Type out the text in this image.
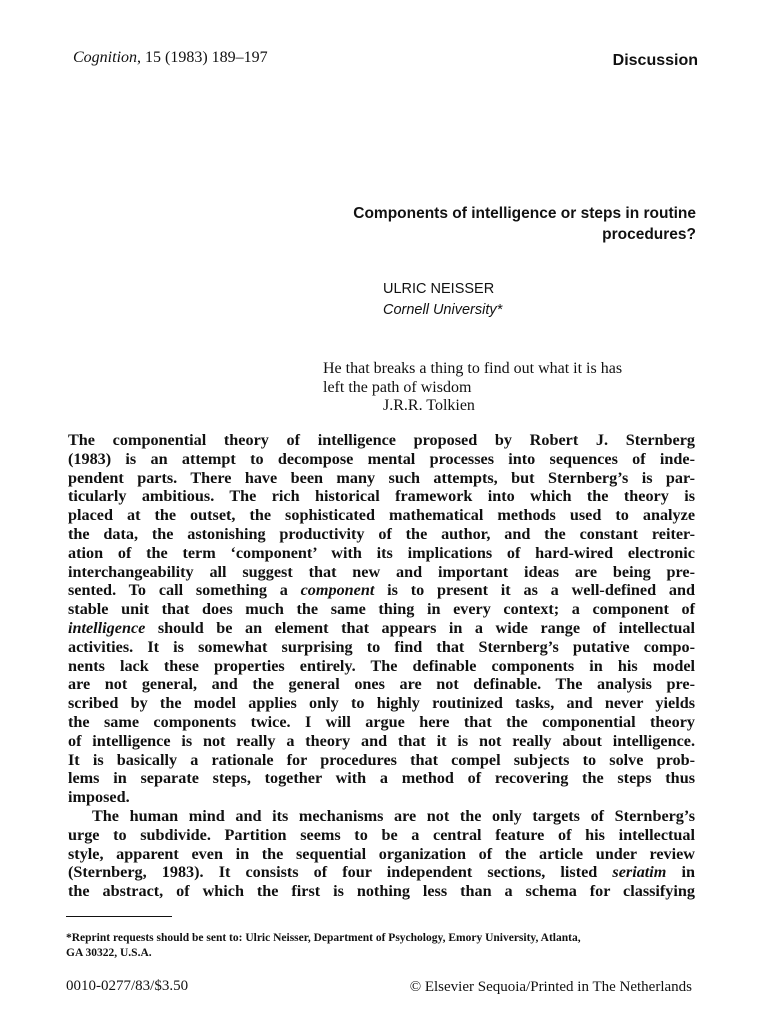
Cognition, 15 (1983) 189–197	Discussion
Components of intelligence or steps in routine
procedures?
ULRIC NEISSER
Cornell University*
He that breaks a thing to find out what it is has
left the path of wisdom
J.R.R. Tolkien
The componential theory of intelligence proposed by Robert J. Sternberg
(1983) is an attempt to decompose mental processes into sequences of inde-
pendent parts. There have been many such attempts, but Sternberg’s is par-
ticularly ambitious. The rich historical framework into which the theory is
placed at the outset, the sophisticated mathematical methods used to analyze
the data, the astonishing productivity of the author, and the constant reiter-
ation of the term ‘component’ with its implications of hard-wired electronic
interchangeability all suggest that new and important ideas are being pre-
sented. To call something a component is to present it as a well-defined and
stable unit that does much the same thing in every context; a component of
intelligence should be an element that appears in a wide range of intellectual
activities. It is somewhat surprising to find that Sternberg’s putative compo-
nents lack these properties entirely. The definable components in his model
are not general, and the general ones are not definable. The analysis pre-
scribed by the model applies only to highly routinized tasks, and never yields
the same components twice. I will argue here that the componential theory
of intelligence is not really a theory and that it is not really about intelligence.
It is basically a rationale for procedures that compel subjects to solve prob-
lems in separate steps, together with a method of recovering the steps thus
imposed.
The human mind and its mechanisms are not the only targets of Sternberg’s
urge to subdivide. Partition seems to be a central feature of his intellectual
style, apparent even in the sequential organization of the article under review
(Sternberg, 1983). It consists of four independent sections, listed seriatim in
the abstract, of which the first is nothing less than a schema for classifying
*Reprint requests should be sent to: Ulric Neisser, Department of Psychology, Emory University, Atlanta,
GA 30322, U.S.A.
0010-0277/83/$3.50	© Elsevier Sequoia/Printed in The Netherlands
